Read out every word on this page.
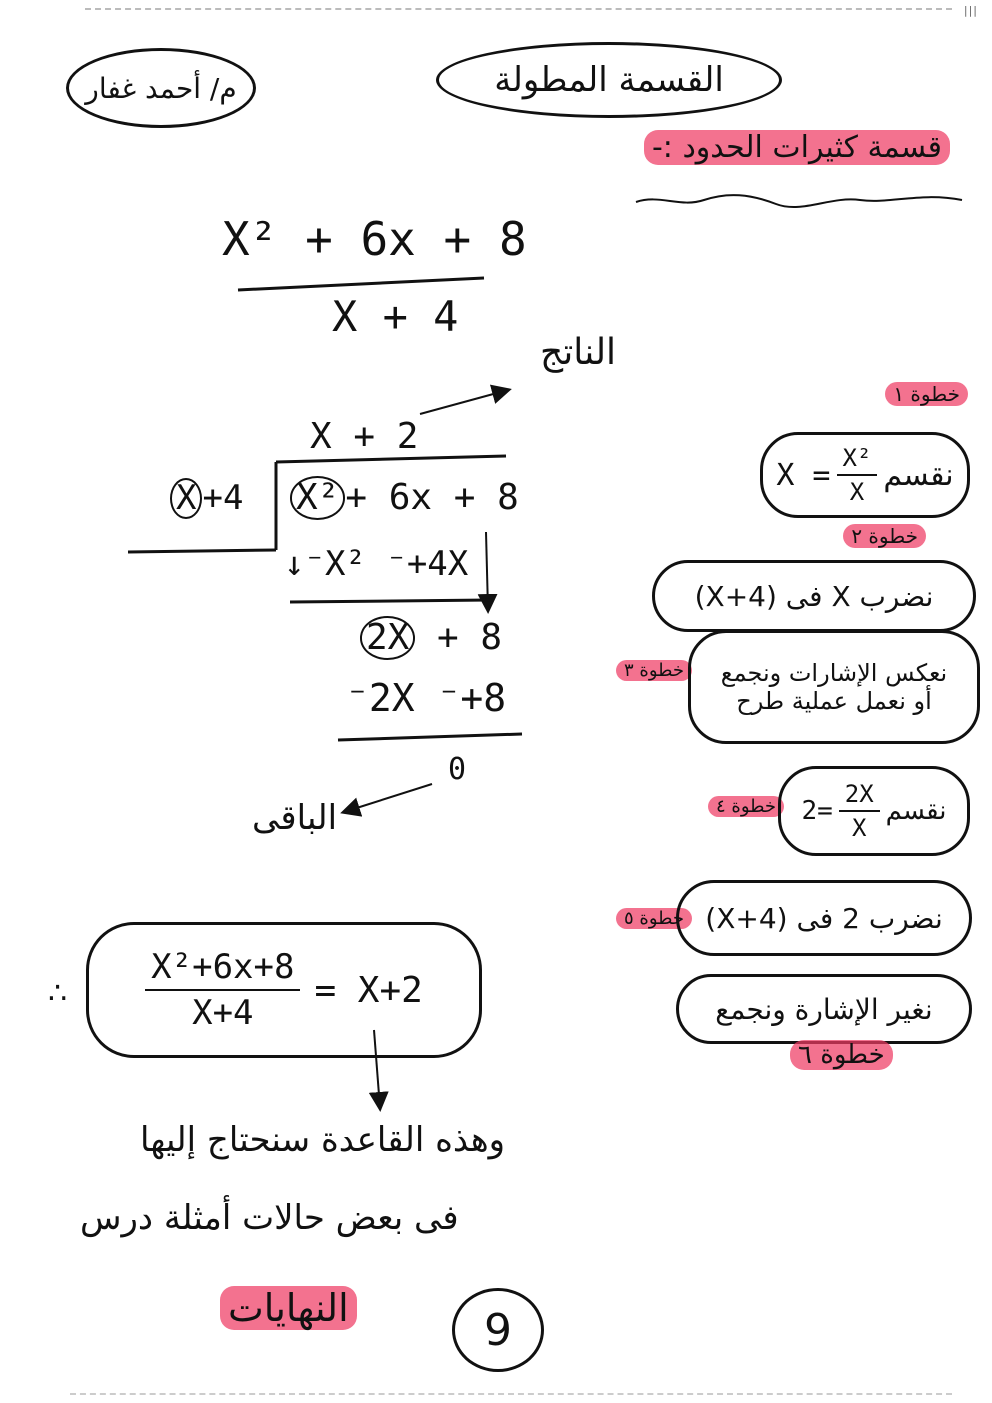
|||
م/ أحمد غفار	القسمة المطولة
قسمة كثيرات الحدود :-
X² + 6x + 8
X + 4
الناتج
الباقى
X + 2
X +4 X² + 6x + 8
↓⁻X² ⁻+4X
2X + 8
⁻2X ⁻+8
0
خطوة ١
$X = \frac{\text{X²}}{X}$ نقسم
خطوة ٢
نضرب X فى (X+4)
خطوة ٣	نعكس الإشارات ونجمع
أو نعمل عملية طرح
خطوة ٤ $2= \frac{2X}{X}$ نقسم
خطوة ٥ نضرب 2 فى (X+4)
نغير الإشارة ونجمع
خطوة ٦
∴ $\frac{\text{X²+6x+8}}{X+4} = X+2$
وهذه القاعدة سنحتاج إليها
فى بعض حالات أمثلة درس
النهايات	9
